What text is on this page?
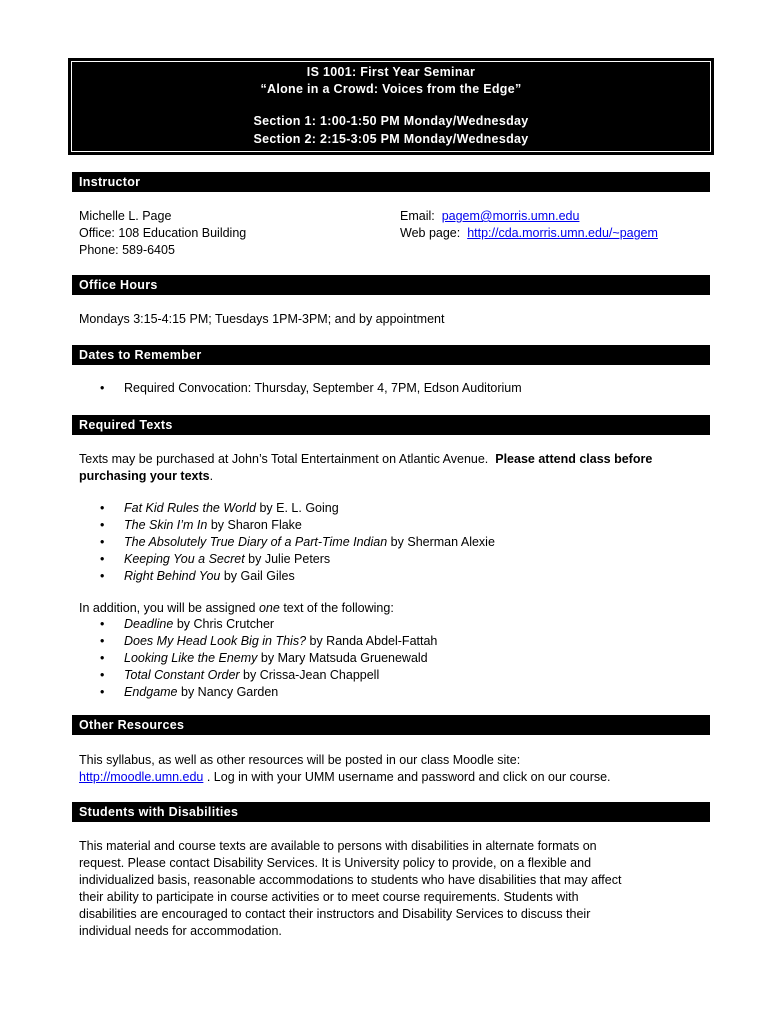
IS 1001: First Year Seminar
“Alone in a Crowd: Voices from the Edge”
Section 1: 1:00-1:50 PM Monday/Wednesday
Section 2: 2:15-3:05 PM Monday/Wednesday
Instructor
Michelle L. Page
Office: 108 Education Building
Phone: 589-6405
Email: pagem@morris.umn.edu
Web page: http://cda.morris.umn.edu/~pagem
Office Hours
Mondays 3:15-4:15 PM; Tuesdays 1PM-3PM; and by appointment
Dates to Remember
• Required Convocation: Thursday, September 4, 7PM, Edson Auditorium
Required Texts
Texts may be purchased at John’s Total Entertainment on Atlantic Avenue. Please attend class before purchasing your texts.
• Fat Kid Rules the World by E. L. Going
• The Skin I’m In by Sharon Flake
• The Absolutely True Diary of a Part-Time Indian by Sherman Alexie
• Keeping You a Secret by Julie Peters
• Right Behind You by Gail Giles
In addition, you will be assigned one text of the following:
• Deadline by Chris Crutcher
• Does My Head Look Big in This? by Randa Abdel-Fattah
• Looking Like the Enemy by Mary Matsuda Gruenewald
• Total Constant Order by Crissa-Jean Chappell
• Endgame by Nancy Garden
Other Resources
This syllabus, as well as other resources will be posted in our class Moodle site:
http://moodle.umn.edu . Log in with your UMM username and password and click on our course.
Students with Disabilities
This material and course texts are available to persons with disabilities in alternate formats on
request. Please contact Disability Services. It is University policy to provide, on a flexible and
individualized basis, reasonable accommodations to students who have disabilities that may affect
their ability to participate in course activities or to meet course requirements. Students with
disabilities are encouraged to contact their instructors and Disability Services to discuss their
individual needs for accommodation.
